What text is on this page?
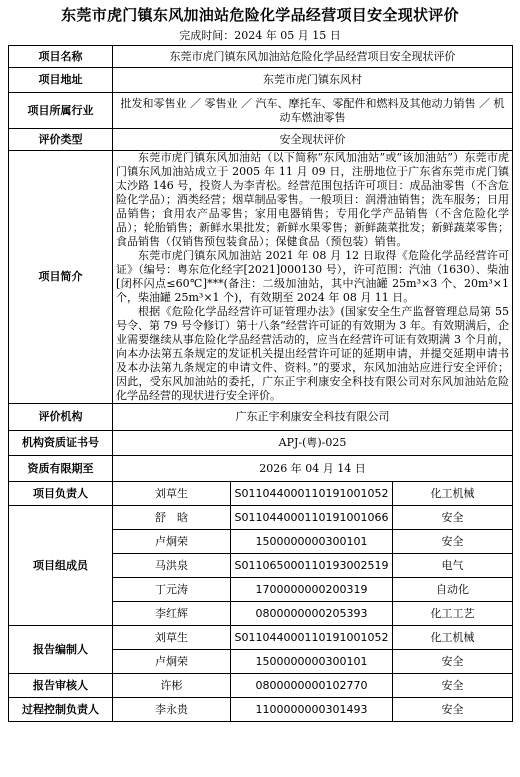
东莞市虎门镇东风加油站危险化学品经营项目安全现状评价
完成时间：2024 年 05 月 15 日
项目名称	东莞市虎门镇东风加油站危险化学品经营项目安全现状评价		
项目地址	东莞市虎门镇东风村		
项目所属行业	批发和零售业 ／ 零售业 ／ 汽车、摩托车、零配件和燃料及其他动力销售 ／ 机动车燃油零售		
评价类型	安全现状评价		
项目简介	东莞市虎门镇东风加油站（以下简称“东风加油站”或“该加油站”）东莞市虎门镇东风加油站成立于 2005 年 11 月 09 日，注册地位于广东省东莞市虎门镇太沙路 146 号，投资人为李青松。经营范围包括许可项目：成品油零售（不含危险化学品）；酒类经营；烟草制品零售。一般项目：润滑油销售；洗车服务；日用品销售；食用农产品零售；家用电器销售；专用化学产品销售（不含危险化学品）；轮胎销售；新鲜水果批发；新鲜水果零售；新鲜蔬菜批发；新鲜蔬菜零售；食品销售（仅销售预包装食品）；保健食品（预包装）销售。

东莞市虎门镇东风加油站 2021 年 08 月 12 日取得《危险化学品经营许可证》（编号：粤东危化经字[2021]000130 号），许可范围：汽油（1630）、柴油[闭杯闪点≤60℃]***(备注：二级加油站，其中汽油罐 25m³×3 个、20m³×1 个，柴油罐 25m³×1 个)，有效期至 2024 年 08 月 11 日。

根据《危险化学品经营许可证管理办法》(国家安全生产监督管理总局第 55 号令、第 79 号令修订）第十八条“经营许可证的有效期为 3 年。有效期满后，企业需要继续从事危险化学品经营活动的，应当在经营许可证有效期满 3 个月前，向本办法第五条规定的发证机关提出经营许可证的延期申请，并提交延期申请书及本办法第九条规定的申请文件、资料。”的要求，东风加油站应进行安全评价；因此，受东风加油站的委托，广东正宇利康安全科技有限公司对东风加油站危险化学品经营的现状进行安全评价。		

评价机构	广东正宇利康安全科技有限公司		
机构资质证书号	APJ-(粤)-025		
资质有限期至	2026 年 04 月 14 日		
项目负责人	刘草生	S011044000110191001052	化工机械
项目组成员	舒　晗	S011044000110191001066	安全
	卢炯荣	1500000000300101	安全
	马洪泉	S011065000110193002519	电气
	丁元涛	1700000000200319	自动化
	李红辉	0800000000205393	化工工艺
报告编制人	刘草生	S011044000110191001052	化工机械
	卢炯荣	1500000000300101	安全
报告审核人	许彬	0800000000102770	安全
过程控制负责人	李永贵	1100000000301493	安全
